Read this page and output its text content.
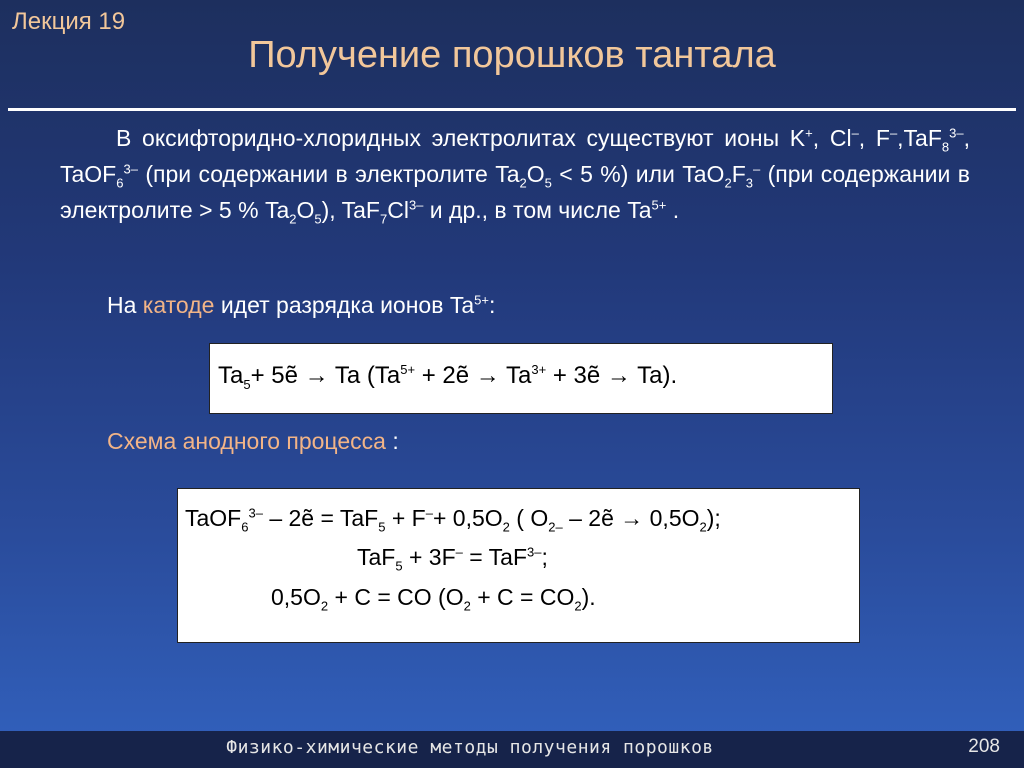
Лекция 19
Получение порошков тантала

В оксифторидно-хлоридных электролитах существуют ионы K+, Cl–, F–,TaF$_8^{3-}$, TaOF$_6^{3-}$ (при содержании в электролите $Ta_2O_5 < 5$ %) или $TaO_2F_3^-$ (при содержании в электролите > 5 % $Ta_2O_5$), $TaF_7Cl^{3-}$ и др., в том числе $Ta^{5+}$ .

На катоде идет разрядка ионов $Ta^{5+}$:
$Ta_5+$ 5ẽ → Ta ($Ta^{5+}$ + 2ẽ → $Ta^{3+}$ + 3ẽ → Ta).
Схема анодного процесса :
TaOF$_6^{3-}$ – 2ẽ = $TaF_5 + F^-+ 0,5O_2$ ( $O_{2-}$ – 2ẽ → $0,5O_2$);
TaF$_5$ + 3F– = TaF$^{3-}$;
$0,5O_2 + C$ = CO $(O_2 + C = CO_2)$.
Физико-химические методы получения порошков	208
